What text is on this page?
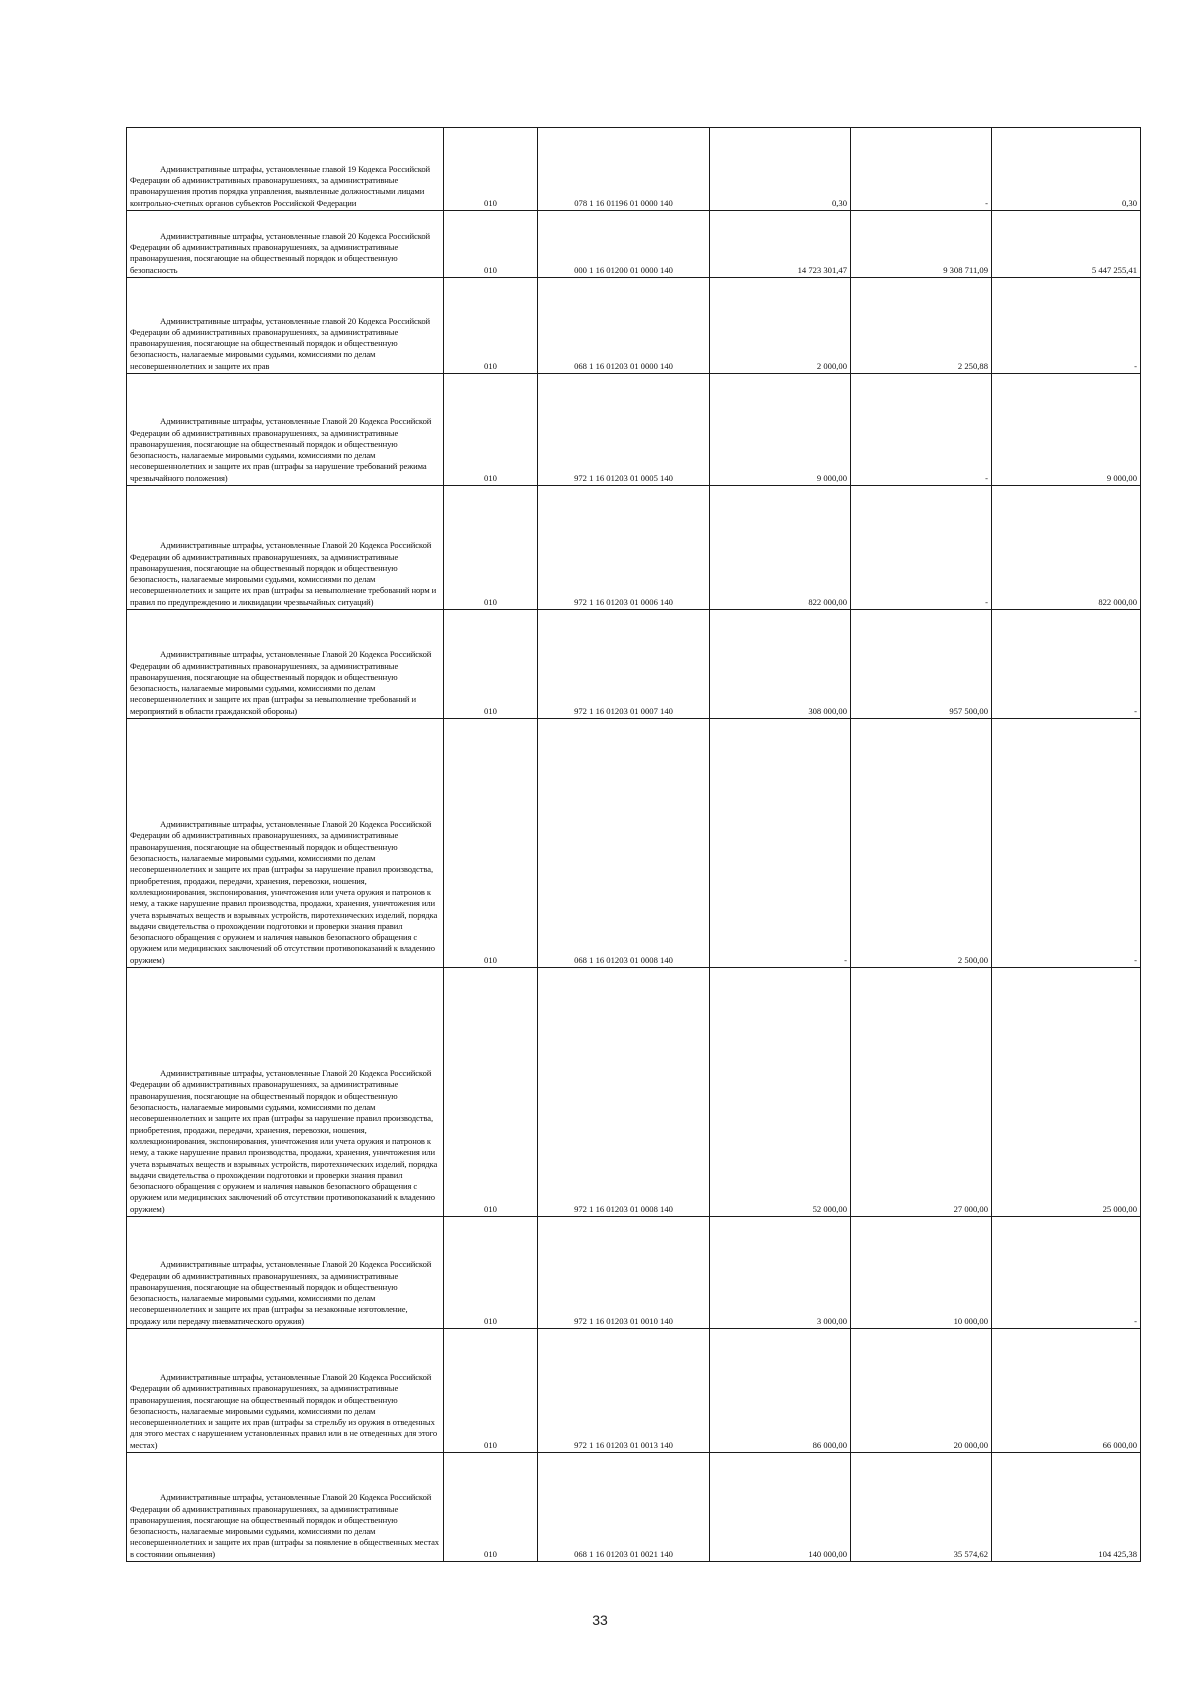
Административные штрафы, установленные главой 19 Кодекса Российской Федерации об административных правонарушениях, за административные правонарушения против порядка управления, выявленные должностными лицами контрольно-счетных органов субъектов Российской Федерации	010	078 1 16 01196 01 0000 140	0,30	-	0,30

Административные штрафы, установленные главой 20 Кодекса Российской Федерации об административных правонарушениях, за административные правонарушения, посягающие на общественный порядок и общественную безопасность	010	000 1 16 01200 01 0000 140	14 723 301,47	9 308 711,09	5 447 255,41

Административные штрафы, установленные главой 20 Кодекса Российской Федерации об административных правонарушениях, за административные правонарушения, посягающие на общественный порядок и общественную безопасность, налагаемые мировыми судьями, комиссиями по делам несовершеннолетних и защите их прав	010	068 1 16 01203 01 0000 140	2 000,00	2 250,88	-

Административные штрафы, установленные Главой 20 Кодекса Российской Федерации об административных правонарушениях, за административные правонарушения, посягающие на общественный порядок и общественную безопасность, налагаемые мировыми судьями, комиссиями по делам несовершеннолетних и защите их прав (штрафы за нарушение требований режима чрезвычайного положения)	010	972 1 16 01203 01 0005 140	9 000,00	-	9 000,00

Административные штрафы, установленные Главой 20 Кодекса Российской Федерации об административных правонарушениях, за административные правонарушения, посягающие на общественный порядок и общественную безопасность, налагаемые мировыми судьями, комиссиями по делам несовершеннолетних и защите их прав (штрафы за невыполнение требований норм и правил по предупреждению и ликвидации чрезвычайных ситуаций)	010	972 1 16 01203 01 0006 140	822 000,00	-	822 000,00

Административные штрафы, установленные Главой 20 Кодекса Российской Федерации об административных правонарушениях, за административные правонарушения, посягающие на общественный порядок и общественную безопасность, налагаемые мировыми судьями, комиссиями по делам несовершеннолетних и защите их прав (штрафы за невыполнение требований и мероприятий в области гражданской обороны)	010	972 1 16 01203 01 0007 140	308 000,00	957 500,00	-

Административные штрафы, установленные Главой 20 Кодекса Российской Федерации об административных правонарушениях, за административные правонарушения, посягающие на общественный порядок и общественную безопасность, налагаемые мировыми судьями, комиссиями по делам несовершеннолетних и защите их прав (штрафы за нарушение правил производства, приобретения, продажи, передачи, хранения, перевозки, ношения, коллекционирования, экспонирования, уничтожения или учета оружия и патронов к нему, а также нарушение правил производства, продажи, хранения, уничтожения или учета взрывчатых веществ и взрывных устройств, пиротехнических изделий, порядка выдачи свидетельства о прохождении подготовки и проверки знания правил безопасного обращения с оружием и наличия навыков безопасного обращения с оружием или медицинских заключений об отсутствии противопоказаний к владению оружием)	010	068 1 16 01203 01 0008 140	-	2 500,00	-

Административные штрафы, установленные Главой 20 Кодекса Российской Федерации об административных правонарушениях, за административные правонарушения, посягающие на общественный порядок и общественную безопасность, налагаемые мировыми судьями, комиссиями по делам несовершеннолетних и защите их прав (штрафы за нарушение правил производства, приобретения, продажи, передачи, хранения, перевозки, ношения, коллекционирования, экспонирования, уничтожения или учета оружия и патронов к нему, а также нарушение правил производства, продажи, хранения, уничтожения или учета взрывчатых веществ и взрывных устройств, пиротехнических изделий, порядка выдачи свидетельства о прохождении подготовки и проверки знания правил безопасного обращения с оружием и наличия навыков безопасного обращения с оружием или медицинских заключений об отсутствии противопоказаний к владению оружием)	010	972 1 16 01203 01 0008 140	52 000,00	27 000,00	25 000,00

Административные штрафы, установленные Главой 20 Кодекса Российской Федерации об административных правонарушениях, за административные правонарушения, посягающие на общественный порядок и общественную безопасность, налагаемые мировыми судьями, комиссиями по делам несовершеннолетних и защите их прав (штрафы за незаконные изготовление, продажу или передачу пневматического оружия)	010	972 1 16 01203 01 0010 140	3 000,00	10 000,00	-

Административные штрафы, установленные Главой 20 Кодекса Российской Федерации об административных правонарушениях, за административные правонарушения, посягающие на общественный порядок и общественную безопасность, налагаемые мировыми судьями, комиссиями по делам несовершеннолетних и защите их прав (штрафы за стрельбу из оружия в отведенных для этого местах с нарушением установленных правил или в не отведенных для этого местах)	010	972 1 16 01203 01 0013 140	86 000,00	20 000,00	66 000,00

Административные штрафы, установленные Главой 20 Кодекса Российской Федерации об административных правонарушениях, за административные правонарушения, посягающие на общественный порядок и общественную безопасность, налагаемые мировыми судьями, комиссиями по делам несовершеннолетних и защите их прав (штрафы за появление в общественных местах в состоянии опьянения)	010	068 1 16 01203 01 0021 140	140 000,00	35 574,62	104 425,38
33
